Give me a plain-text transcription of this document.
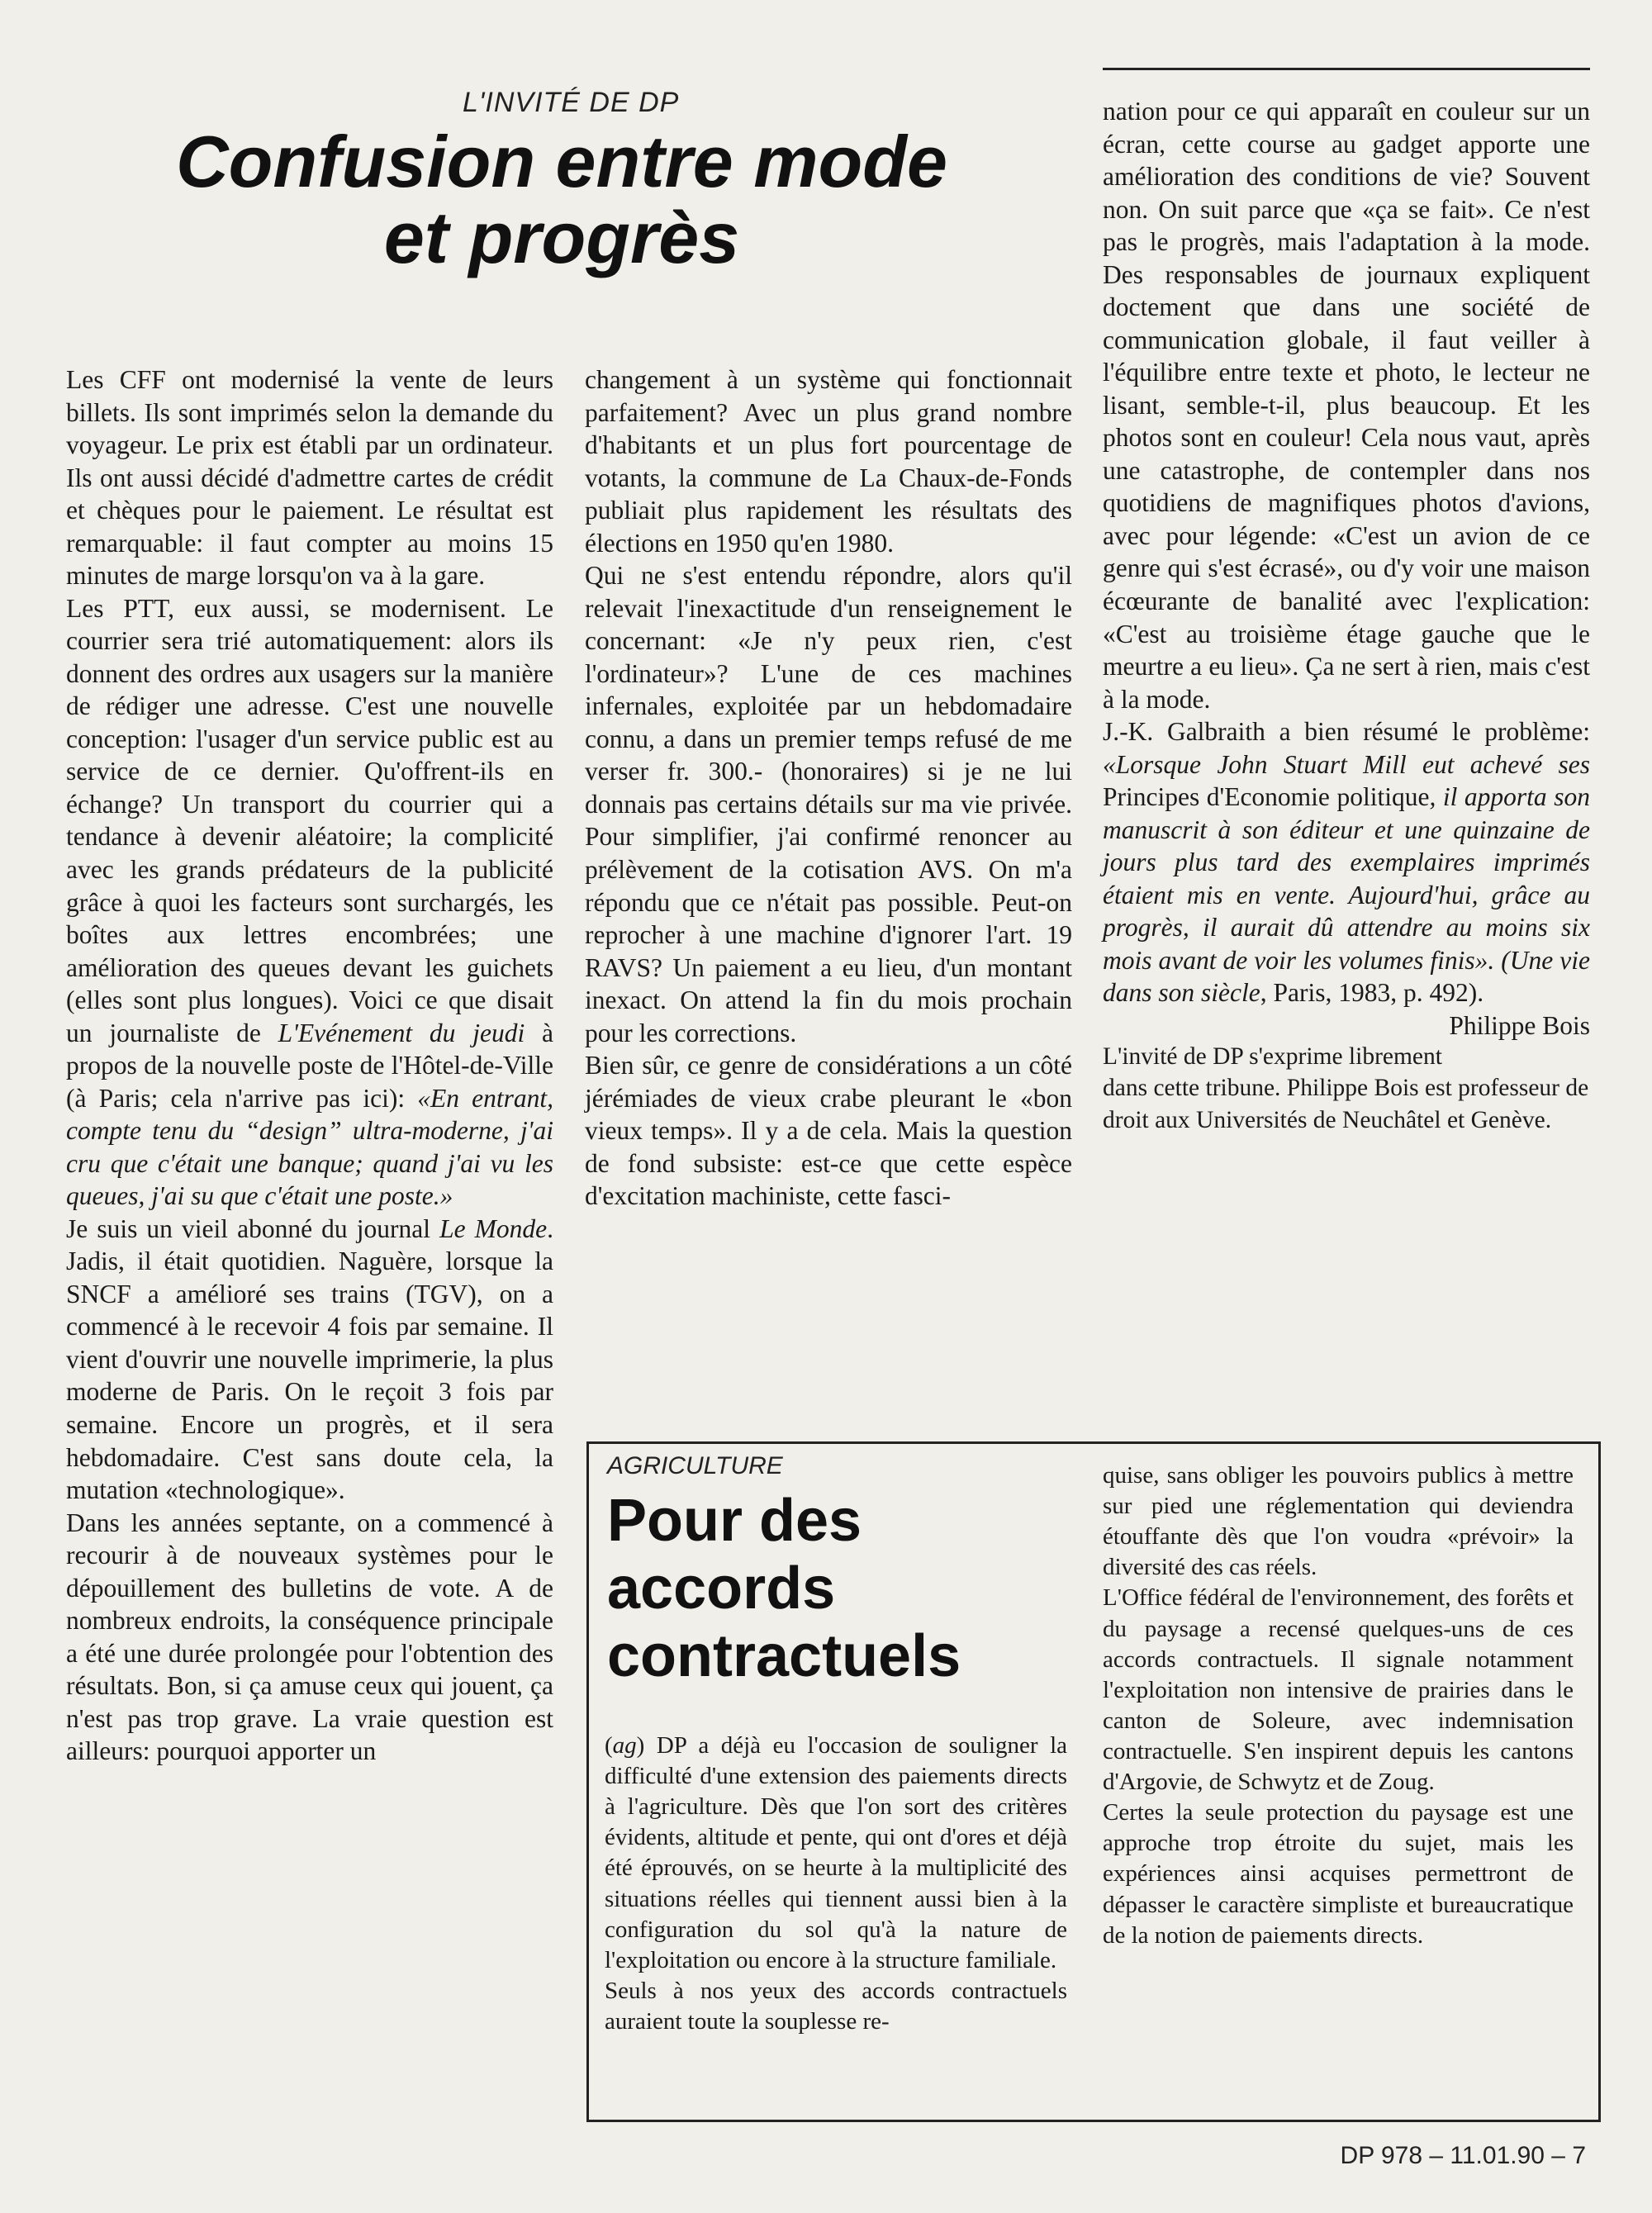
L'INVITÉ DE DP
Confusion entre mode
et progrès

Les CFF ont modernisé la vente de leurs billets. Ils sont imprimés selon la demande du voyageur. Le prix est établi par un ordinateur. Ils ont aussi décidé d'admettre cartes de crédit et chèques pour le paiement. Le résultat est remarquable: il faut compter au moins 15 minutes de marge lorsqu'on va à la gare.

Les PTT, eux aussi, se modernisent. Le courrier sera trié automatiquement: alors ils donnent des ordres aux usagers sur la manière de rédiger une adresse. C'est une nouvelle conception: l'usager d'un service public est au service de ce dernier. Qu'offrent-ils en échange? Un transport du courrier qui a tendance à devenir aléatoire; la complicité avec les grands prédateurs de la publicité grâce à quoi les facteurs sont surchargés, les boîtes aux lettres encombrées; une amélioration des queues devant les guichets (elles sont plus longues). Voici ce que disait un journaliste de L'Evénement du jeudi à propos de la nouvelle poste de l'Hôtel-de-Ville (à Paris; cela n'arrive pas ici): «En entrant, compte tenu du “design” ultra-moderne, j'ai cru que c'était une banque; quand j'ai vu les queues, j'ai su que c'était une poste.»

Je suis un vieil abonné du journal Le Monde. Jadis, il était quotidien. Naguère, lorsque la SNCF a amélioré ses trains (TGV), on a commencé à le recevoir 4 fois par semaine. Il vient d'ouvrir une nouvelle imprimerie, la plus moderne de Paris. On le reçoit 3 fois par semaine. Encore un progrès, et il sera hebdomadaire. C'est sans doute cela, la mutation «technologique».

Dans les années septante, on a commencé à recourir à de nouveaux systèmes pour le dépouillement des bulletins de vote. A de nombreux endroits, la conséquence principale a été une durée prolongée pour l'obtention des résultats. Bon, si ça amuse ceux qui jouent, ça n'est pas trop grave. La vraie question est ailleurs: pourquoi apporter un

changement à un système qui fonctionnait parfaitement? Avec un plus grand nombre d'habitants et un plus fort pourcentage de votants, la commune de La Chaux-de-Fonds publiait plus rapidement les résultats des élections en 1950 qu'en 1980.

Qui ne s'est entendu répondre, alors qu'il relevait l'inexactitude d'un renseignement le concernant: «Je n'y peux rien, c'est l'ordinateur»? L'une de ces machines infernales, exploitée par un hebdomadaire connu, a dans un premier temps refusé de me verser fr. 300.- (honoraires) si je ne lui donnais pas certains détails sur ma vie privée. Pour simplifier, j'ai confirmé renoncer au prélèvement de la cotisation AVS. On m'a répondu que ce n'était pas possible. Peut-on reprocher à une machine d'ignorer l'art. 19 RAVS? Un paiement a eu lieu, d'un montant inexact. On attend la fin du mois prochain pour les corrections.

Bien sûr, ce genre de considérations a un côté jérémiades de vieux crabe pleurant le «bon vieux temps». Il y a de cela. Mais la question de fond subsiste: est-ce que cette espèce d'excitation machiniste, cette fasci-

nation pour ce qui apparaît en couleur sur un écran, cette course au gadget apporte une amélioration des conditions de vie? Souvent non. On suit parce que «ça se fait». Ce n'est pas le progrès, mais l'adaptation à la mode. Des responsables de journaux expliquent doctement que dans une société de communication globale, il faut veiller à l'équilibre entre texte et photo, le lecteur ne lisant, semble-t-il, plus beaucoup. Et les photos sont en couleur! Cela nous vaut, après une catastrophe, de contempler dans nos quotidiens de magnifiques photos d'avions, avec pour légende: «C'est un avion de ce genre qui s'est écrasé», ou d'y voir une maison écœurante de banalité avec l'explication: «C'est au troisième étage gauche que le meurtre a eu lieu». Ça ne sert à rien, mais c'est à la mode.

J.-K. Galbraith a bien résumé le problème: «Lorsque John Stuart Mill eut achevé ses Principes d'Economie politique, il apporta son manuscrit à son éditeur et une quinzaine de jours plus tard des exemplaires imprimés étaient mis en vente. Aujourd'hui, grâce au progrès, il aurait dû attendre au moins six mois avant de voir les volumes finis». (Une vie dans son siècle, Paris, 1983, p. 492).
Philippe Bois

L'invité de DP s'exprime librement dans cette tribune. Philippe Bois est professeur de droit aux Universités de Neuchâtel et Genève.

AGRICULTURE
Pour des
accords
contractuels

(ag) DP a déjà eu l'occasion de souligner la difficulté d'une extension des paiements directs à l'agriculture. Dès que l'on sort des critères évidents, altitude et pente, qui ont d'ores et déjà été éprouvés, on se heurte à la multiplicité des situations réelles qui tiennent aussi bien à la configuration du sol qu'à la nature de l'exploitation ou encore à la structure familiale.

Seuls à nos yeux des accords contractuels auraient toute la souplesse re-

quise, sans obliger les pouvoirs publics à mettre sur pied une réglementation qui deviendra étouffante dès que l'on voudra «prévoir» la diversité des cas réels.

L'Office fédéral de l'environnement, des forêts et du paysage a recensé quelques-uns de ces accords contractuels. Il signale notamment l'exploitation non intensive de prairies dans le canton de Soleure, avec indemnisation contractuelle. S'en inspirent depuis les cantons d'Argovie, de Schwytz et de Zoug.

Certes la seule protection du paysage est une approche trop étroite du sujet, mais les expériences ainsi acquises permettront de dépasser le caractère simpliste et bureaucratique de la notion de paiements directs.

DP 978 – 11.01.90 – 7
